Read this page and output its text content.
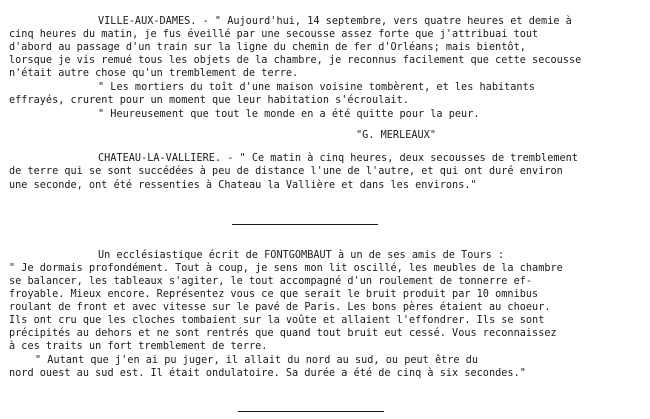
VILLE-AUX-DAMES. - " Aujourd'hui, 14 septembre, vers quatre heures et demie à

cinq heures du matin, je fus éveillé par une secousse assez forte que j'attribuai tout

d'abord au passage d'un train sur la ligne du chemin de fer d'Orléans; mais bientôt,

lorsque je vis remué tous les objets de la chambre, je reconnus facilement que cette secousse

n'était autre chose qu'un tremblement de terre.

" Les mortiers du toît d'une maison voisine tombèrent, et les habitants

effrayés, crurent pour un moment que leur habitation s'écroulait.

" Heureusement que tout le monde en a été quitte pour la peur.

"G. MERLEAUX"

CHATEAU-LA-VALLIERE. - " Ce matin à cinq heures, deux secousses de tremblement

de terre qui se sont succédées à peu de distance l'une de l'autre, et qui ont duré environ

une seconde, ont été ressenties à Chateau la Vallière et dans les environs."

Un ecclésiastique écrit de FONTGOMBAUT à un de ses amis de Tours :

" Je dormais profondément. Tout à coup, je sens mon lit oscillé, les meubles de la chambre

se balancer, les tableaux s'agiter, le tout accompagné d'un roulement de tonnerre ef-

froyable. Mieux encore. Représentez vous ce que serait le bruit produit par 10 omnibus

roulant de front et avec vitesse sur le pavé de Paris. Les bons pères étaient au choeur.

Ils ont cru que les cloches tombaient sur la voûte et allaient l'effondrer. Ils se sont

précipités au dehors et ne sont rentrés que quand tout bruit eut cessé. Vous reconnaissez

à ces traits un fort tremblement de terre.

" Autant que j'en ai pu juger, il allait du nord au sud, ou peut être du

nord ouest au sud est. Il était ondulatoire. Sa durée a été de cinq à six secondes."
